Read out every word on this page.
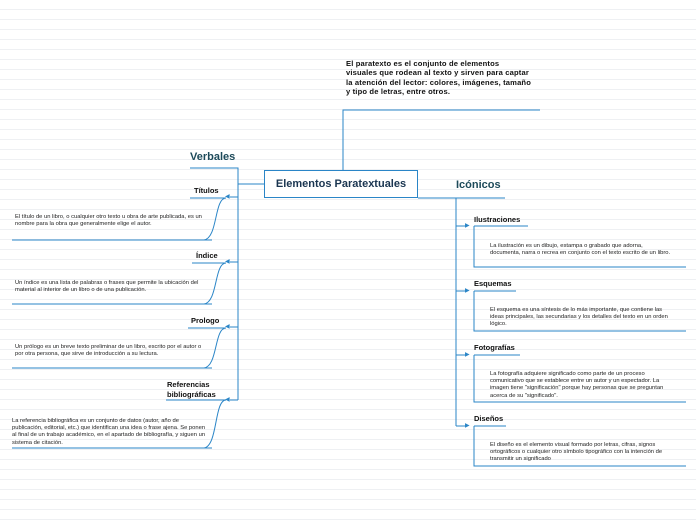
◀
◀
◀
◀
▶
▶
▶
▶
El paratexto es el conjunto de elementos visuales que rodean al texto y sirven para captar la atención del lector: colores, imágenes, tamaño y tipo de letras, entre otros.
Elementos Paratextuales
Verbales
Títulos
El título de un libro, o cualquier otro texto u obra de arte publicada, es un nombre para la obra que generalmente elige el autor.
Índice
Un índice es una lista de palabras o frases que permite la ubicación del material al interior de un libro o de una publicación.
Prologo
Un prólogo es un breve texto preliminar de un libro, escrito por el autor o por otra persona, que sirve de introducción a su lectura.
Referencias bibliográficas
La referencia bibliográfica es un conjunto de datos (autor, año de publicación, editorial, etc.) que identifican una idea o frase ajena. Se ponen al final de un trabajo académico, en el apartado de bibliografía, y siguen un sistema de citación.
Icónicos
Ilustraciones
La ilustración es un dibujo, estampa o grabado que adorna, documenta, narra o recrea en conjunto con el texto escrito de un libro.
Esquemas
El esquema es una síntesis de lo más importante, que contiene las ideas principales, las secundarias y los detalles del texto en un orden lógico.
Fotografías
La fotografía adquiere significado como parte de un proceso comunicativo que se establece entre un autor y un espectador. La imagen tiene "significación" porque hay personas que se preguntan acerca de su "significado".
Diseños
El diseño es el elemento visual formado por letras, cifras, signos ortográficos o cualquier otro símbolo tipográfico con la intención de transmitir un significado
